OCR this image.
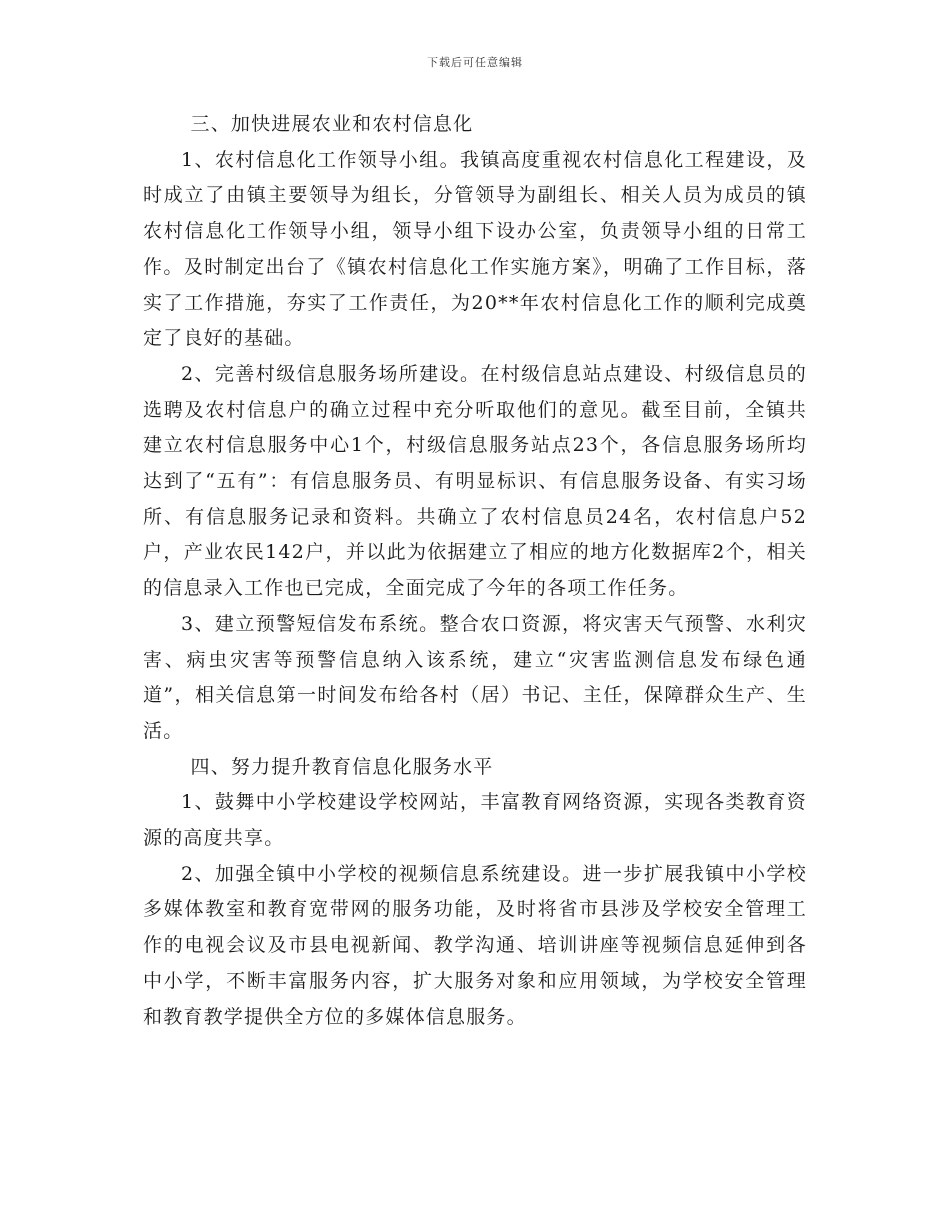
下载后可任意编辑

三、加快进展农业和农村信息化

1、农村信息化工作领导小组。我镇高度重视农村信息化工程建设，及时成立了由镇主要领导为组长，分管领导为副组长、相关人员为成员的镇农村信息化工作领导小组，领导小组下设办公室，负责领导小组的日常工作。及时制定出台了《镇农村信息化工作实施方案》，明确了工作目标，落实了工作措施，夯实了工作责任，为20**年农村信息化工作的顺利完成奠定了良好的基础。

2、完善村级信息服务场所建设。在村级信息站点建设、村级信息员的选聘及农村信息户的确立过程中充分听取他们的意见。截至目前，全镇共建立农村信息服务中心1个，村级信息服务站点23个，各信息服务场所均达到了“五有”：有信息服务员、有明显标识、有信息服务设备、有实习场所、有信息服务记录和资料。共确立了农村信息员24名，农村信息户52户，产业农民142户，并以此为依据建立了相应的地方化数据库2个，相关的信息录入工作也已完成，全面完成了今年的各项工作任务。

3、建立预警短信发布系统。整合农口资源，将灾害天气预警、水利灾害、病虫灾害等预警信息纳入该系统，建立“灾害监测信息发布绿色通道”，相关信息第一时间发布给各村（居）书记、主任，保障群众生产、生活。

四、努力提升教育信息化服务水平

1、鼓舞中小学校建设学校网站，丰富教育网络资源，实现各类教育资源的高度共享。

2、加强全镇中小学校的视频信息系统建设。进一步扩展我镇中小学校多媒体教室和教育宽带网的服务功能，及时将省市县涉及学校安全管理工作的电视会议及市县电视新闻、教学沟通、培训讲座等视频信息延伸到各中小学，不断丰富服务内容，扩大服务对象和应用领域，为学校安全管理和教育教学提供全方位的多媒体信息服务。
